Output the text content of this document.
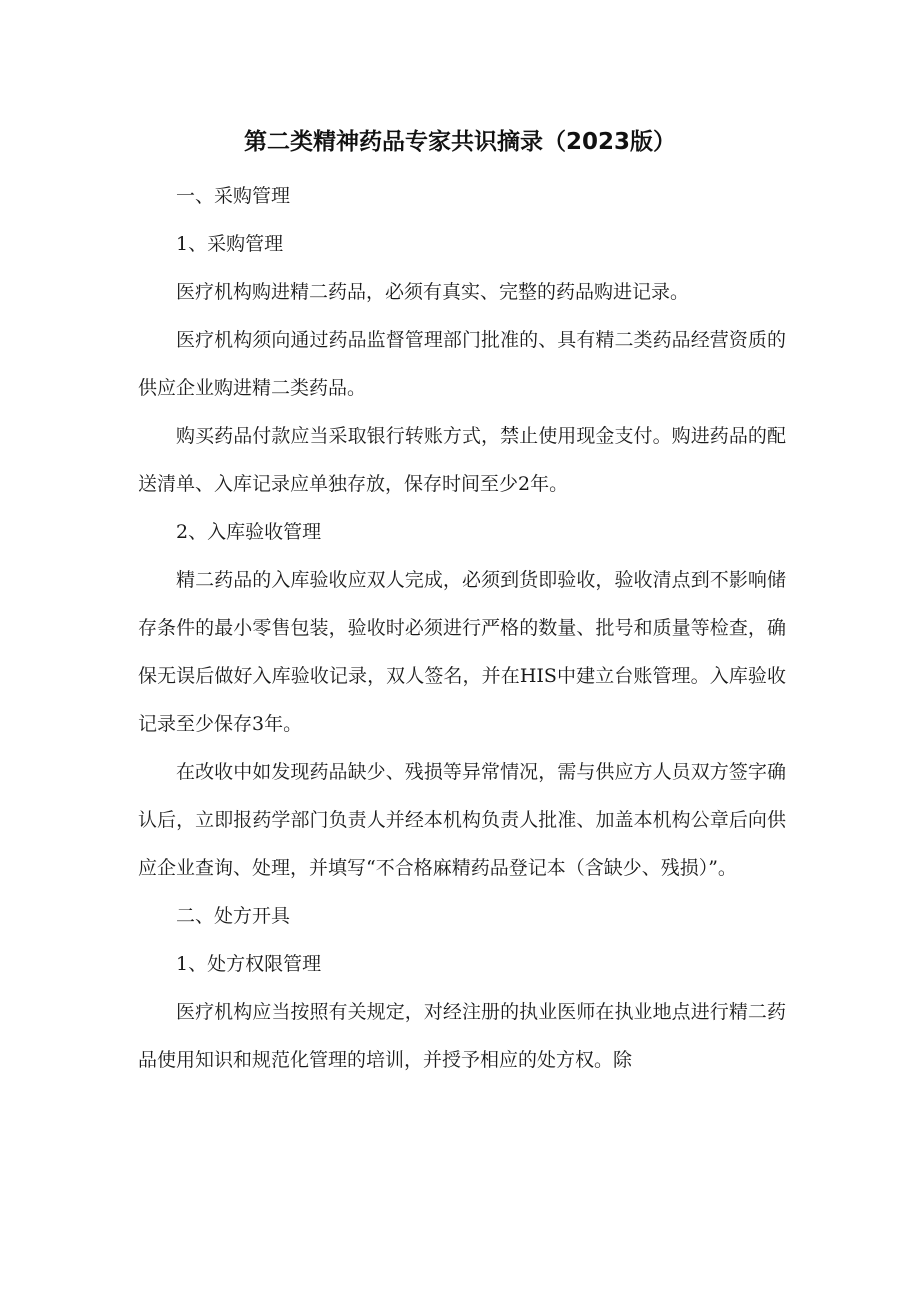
第二类精神药品专家共识摘录（2023版）

一、采购管理

1、采购管理

医疗机构购进精二药品，必须有真实、完整的药品购进记录。

医疗机构须向通过药品监督管理部门批准的、具有精二类药品经营资质的供应企业购进精二类药品。

购买药品付款应当采取银行转账方式，禁止使用现金支付。购进药品的配送清单、入库记录应单独存放，保存时间至少2年。

2、入库验收管理

精二药品的入库验收应双人完成，必须到货即验收，验收清点到不影响储存条件的最小零售包装，验收时必须进行严格的数量、批号和质量等检查，确保无误后做好入库验收记录，双人签名，并在HIS中建立台账管理。入库验收记录至少保存3年。

在改收中如发现药品缺少、残损等异常情况，需与供应方人员双方签字确认后，立即报药学部门负责人并经本机构负责人批准、加盖本机构公章后向供应企业查询、处理，并填写“不合格麻精药品登记本（含缺少、残损）”。

二、处方开具

1、处方权限管理

医疗机构应当按照有关规定，对经注册的执业医师在执业地点进行精二药品使用知识和规范化管理的培训，并授予相应的处方权。除
